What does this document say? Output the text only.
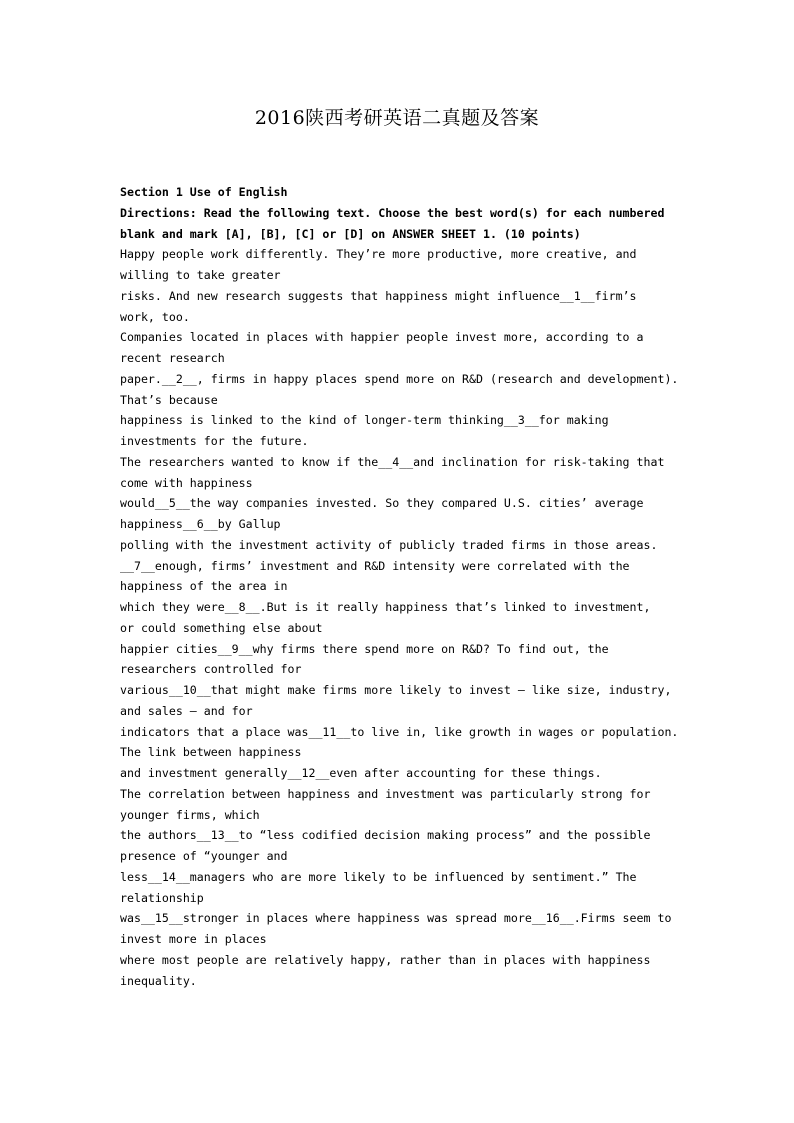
2016陕西考研英语二真题及答案
Section 1 Use of English
Directions: Read the following text. Choose the best word(s) for each numbered
blank and mark [A], [B], [C] or [D] on ANSWER SHEET 1. (10 points)
Happy people work differently. They’re more productive, more creative, and
willing to take greater
risks. And new research suggests that happiness might influence__1__firm’s
work, too.
Companies located in places with happier people invest more, according to a
recent research
paper.__2__, firms in happy places spend more on R&D (research and development).
That’s because
happiness is linked to the kind of longer-term thinking__3__for making
investments for the future.
The researchers wanted to know if the__4__and inclination for risk-taking that
come with happiness
would__5__the way companies invested. So they compared U.S. cities’ average
happiness__6__by Gallup
polling with the investment activity of publicly traded firms in those areas.
__7__enough, firms’ investment and R&D intensity were correlated with the
happiness of the area in
which they were__8__.But is it really happiness that’s linked to investment,
or could something else about
happier cities__9__why firms there spend more on R&D? To find out, the
researchers controlled for
various__10__that might make firms more likely to invest – like size, industry,
and sales – and for
indicators that a place was__11__to live in, like growth in wages or population.
The link between happiness
and investment generally__12__even after accounting for these things.
The correlation between happiness and investment was particularly strong for
younger firms, which
the authors__13__to “less codified decision making process” and the possible
presence of “younger and
less__14__managers who are more likely to be influenced by sentiment.” The
relationship
was__15__stronger in places where happiness was spread more__16__.Firms seem to
invest more in places
where most people are relatively happy, rather than in places with happiness
inequality.
